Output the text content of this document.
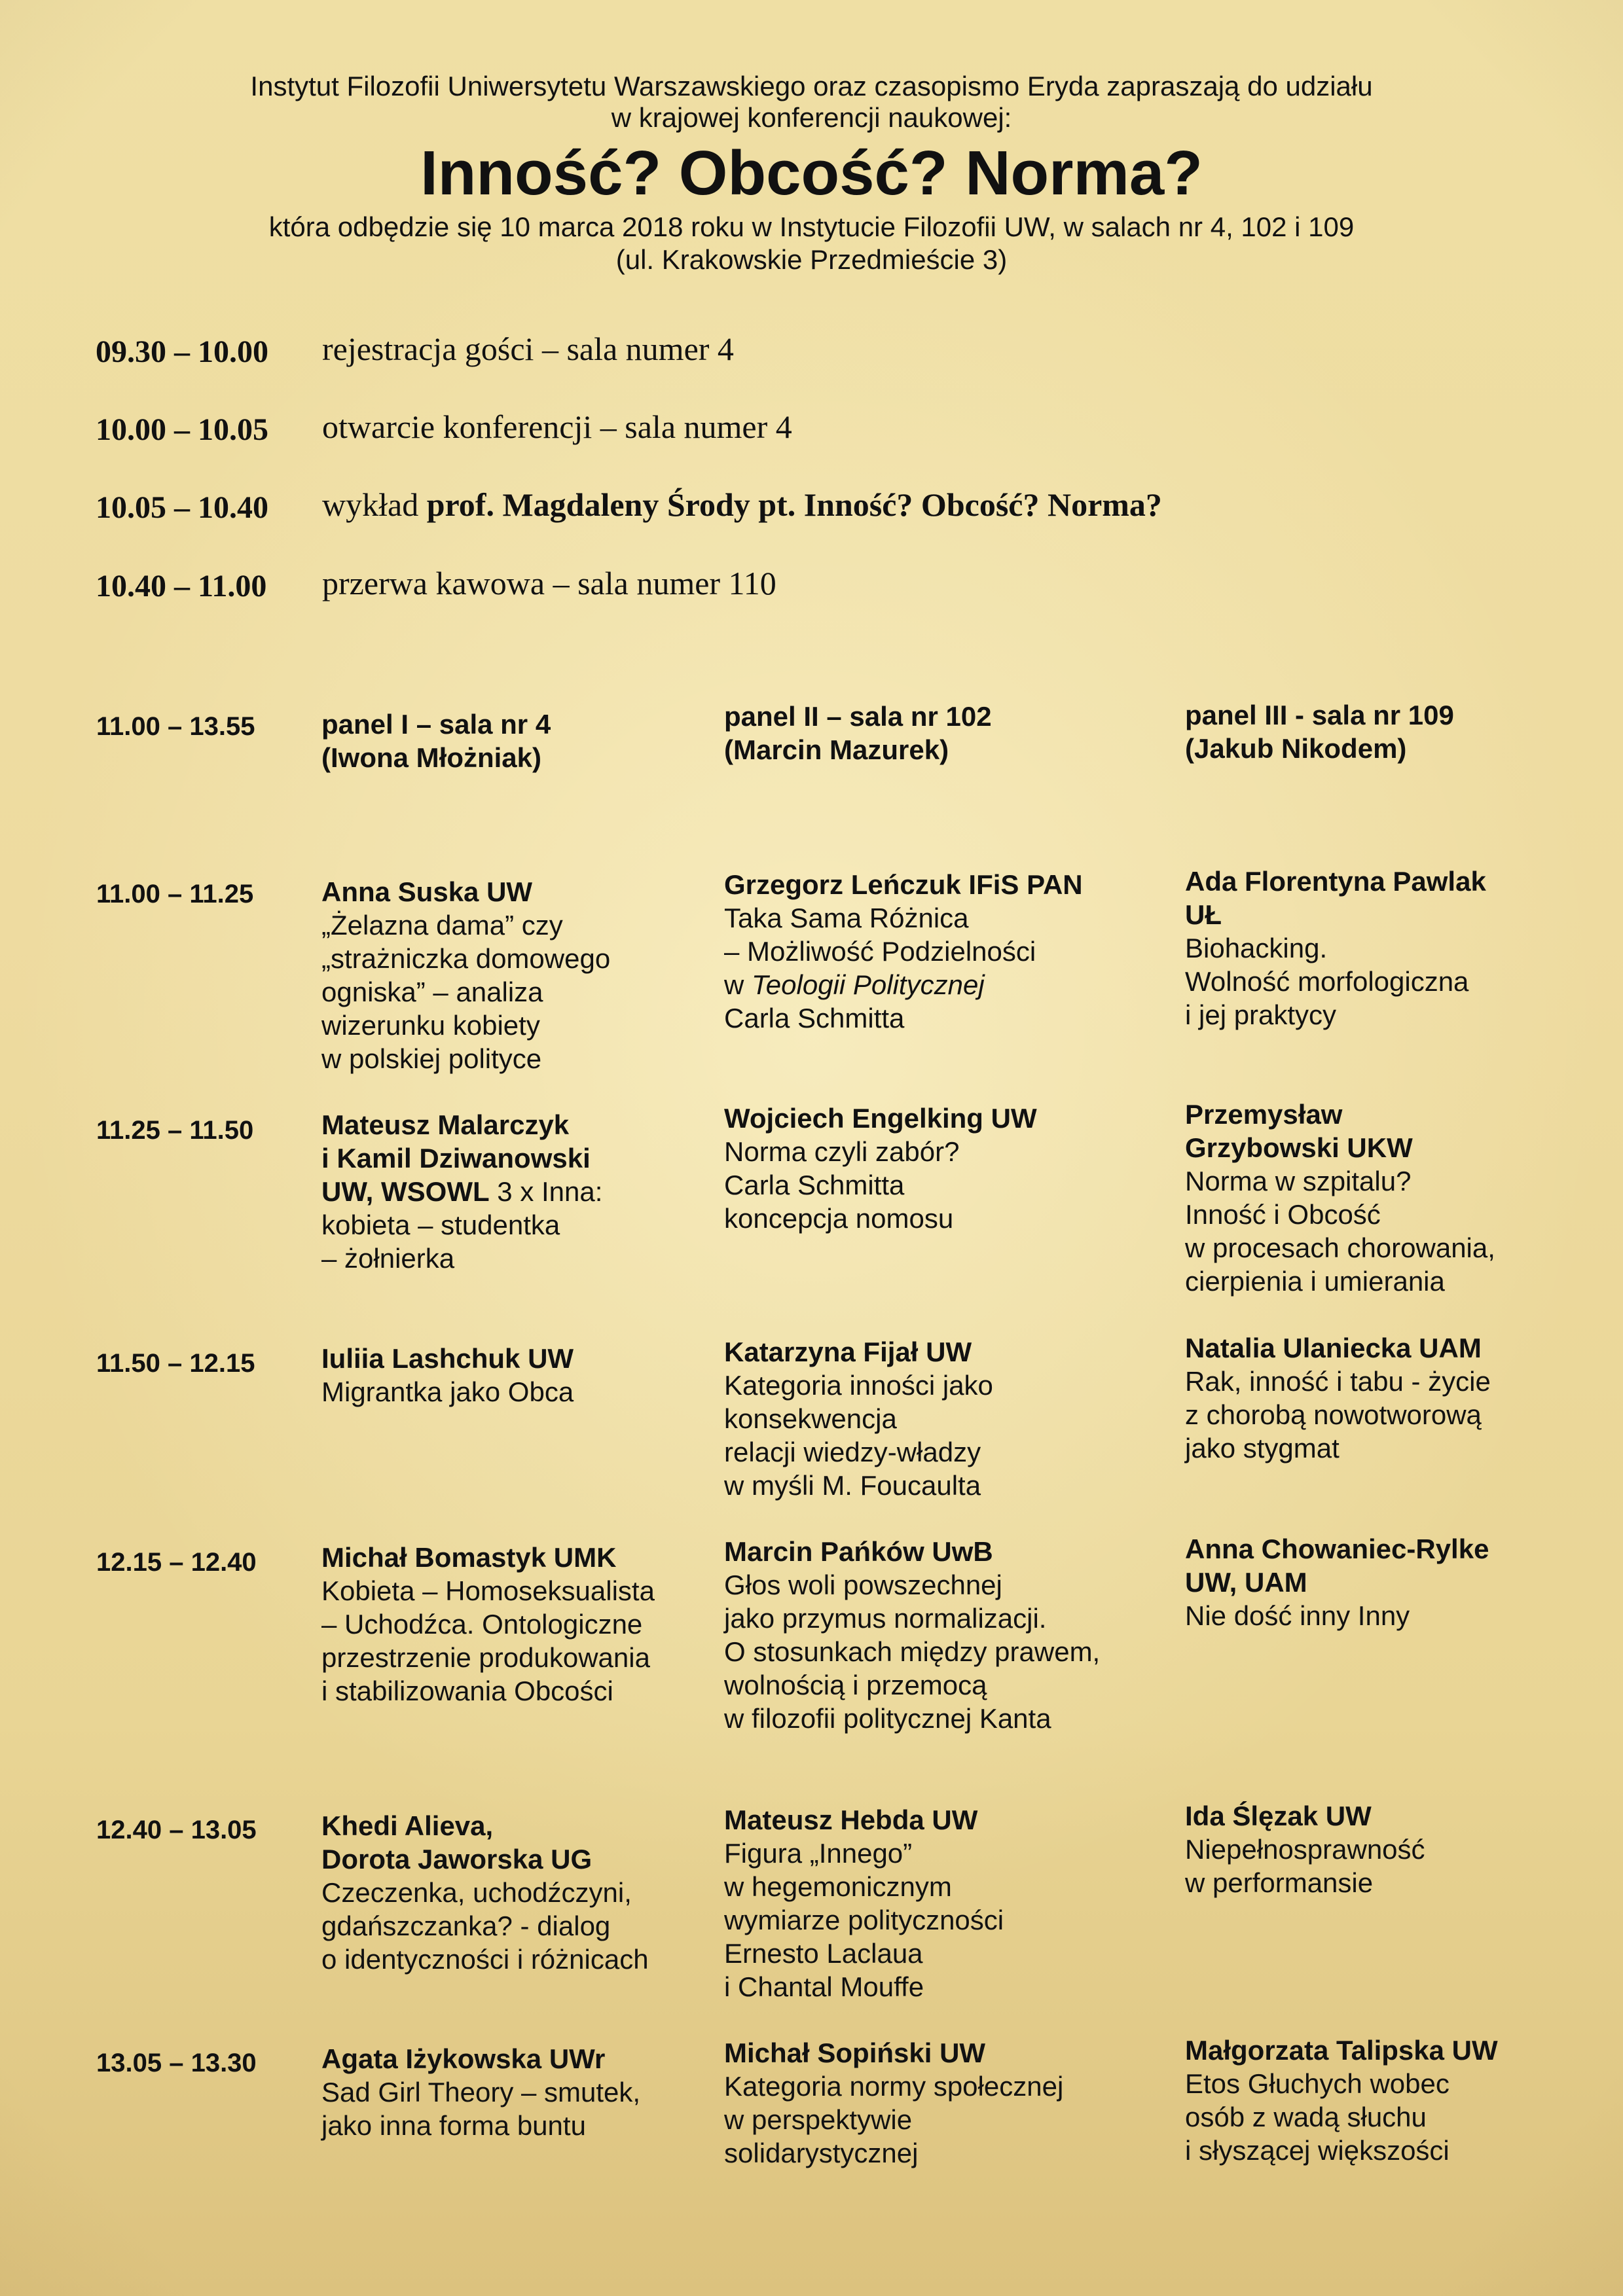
Instytut Filozofii Uniwersytetu Warszawskiego oraz czasopismo Eryda zapraszają do udziału
w krajowej konferencji naukowej:
Inność? Obcość? Norma?
która odbędzie się 10 marca 2018 roku w Instytucie Filozofii UW, w salach nr 4, 102 i 109
(ul. Krakowskie Przedmieście 3)
09.30 – 10.00 rejestracja gości – sala numer 4
10.00 – 10.05 otwarcie konferencji – sala numer 4
10.05 – 10.40 wykład prof. Magdaleny Środy pt. Inność? Obcość? Norma?
10.40 – 11.00 przerwa kawowa – sala numer 110
11.00 – 13.55 panel I – sala nr 4
(Iwona Młożniak)
panel II – sala nr 102
(Marcin Mazurek)
panel III - sala nr 109
(Jakub Nikodem)
11.00 – 11.25 Anna Suska UW
„Żelazna dama” czy
„strażniczka domowego
ogniska” – analiza
wizerunku kobiety
w polskiej polityce
Grzegorz Leńczuk IFiS PAN
Taka Sama Różnica
– Możliwość Podzielności
w Teologii Politycznej
Carla Schmitta
Ada Florentyna Pawlak
UŁ
Biohacking.
Wolność morfologiczna
i jej praktycy
11.25 – 11.50 Mateusz Malarczyk
i Kamil Dziwanowski
UW, WSOWL 3 x Inna:
kobieta – studentka
– żołnierka
Wojciech Engelking UW
Norma czyli zabór?
Carla Schmitta
koncepcja nomosu
Przemysław
Grzybowski UKW
Norma w szpitalu?
Inność i Obcość
w procesach chorowania,
cierpienia i umierania
11.50 – 12.15 Iuliia Lashchuk UW
Migrantka jako Obca
Katarzyna Fijał UW
Kategoria inności jako
konsekwencja
relacji wiedzy-władzy
w myśli M. Foucaulta
Natalia Ulaniecka UAM
Rak, inność i tabu - życie
z chorobą nowotworową
jako stygmat
12.15 – 12.40 Michał Bomastyk UMK
Kobieta – Homoseksualista
– Uchodźca. Ontologiczne
przestrzenie produkowania
i stabilizowania Obcości
Marcin Pańków UwB
Głos woli powszechnej
jako przymus normalizacji.
O stosunkach między prawem,
wolnością i przemocą
w filozofii politycznej Kanta
Anna Chowaniec-Rylke
UW, UAM
Nie dość inny Inny
12.40 – 13.05 Khedi Alieva,
Dorota Jaworska UG
Czeczenka, uchodźczyni,
gdańszczanka? - dialog
o identyczności i różnicach
Mateusz Hebda UW
Figura „Innego”
w hegemonicznym
wymiarze polityczności
Ernesto Laclaua
i Chantal Mouffe
Ida Ślęzak UW
Niepełnosprawność
w performansie
13.05 – 13.30 Agata Iżykowska UWr
Sad Girl Theory – smutek,
jako inna forma buntu
Michał Sopiński UW
Kategoria normy społecznej
w perspektywie
solidarystycznej
Małgorzata Talipska UW
Etos Głuchych wobec
osób z wadą słuchu
i słyszącej większości
